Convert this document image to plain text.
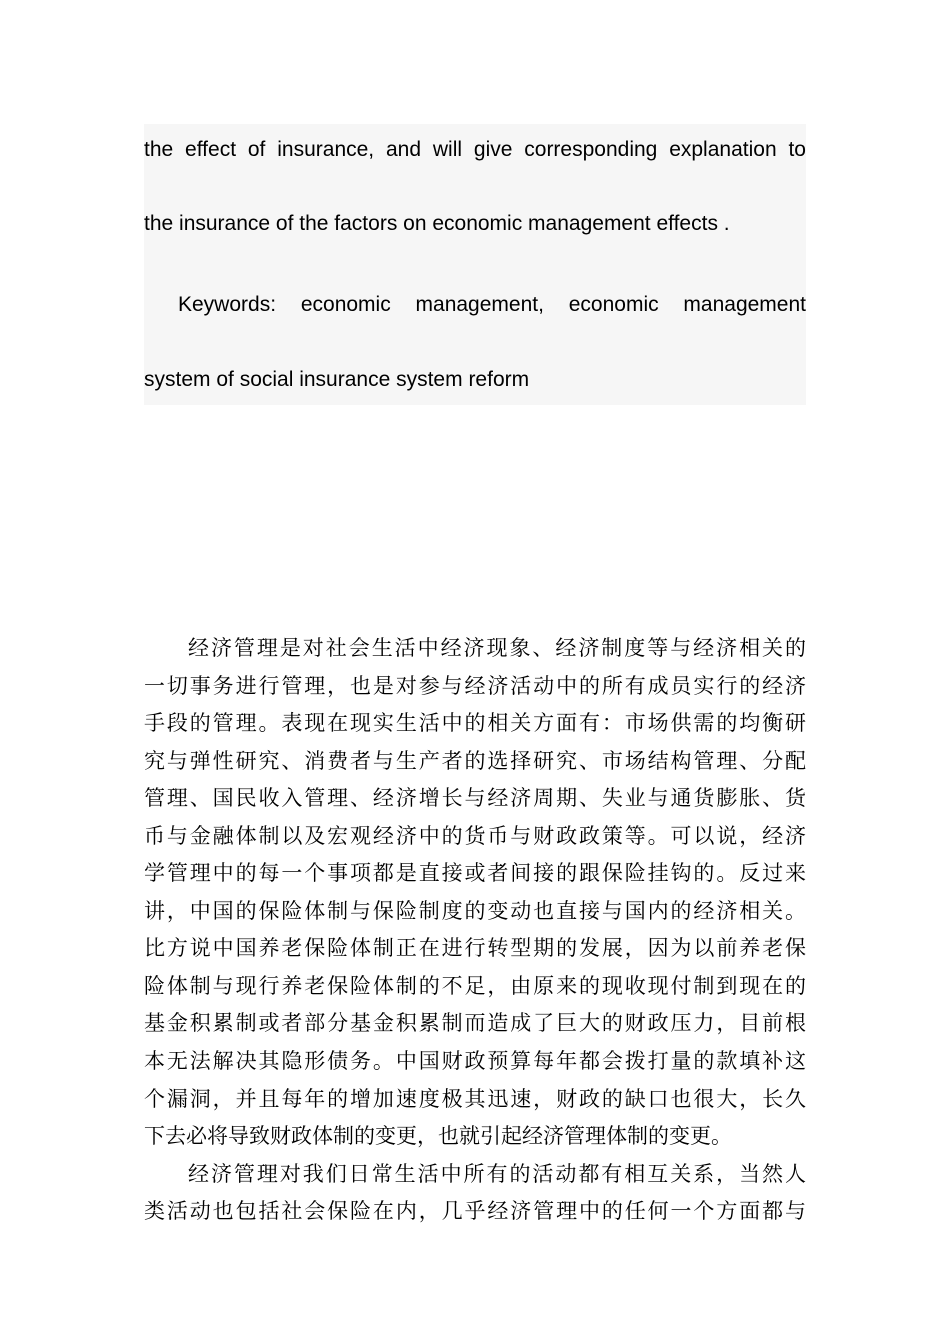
the effect of insurance, and will give corresponding explanation to
the insurance of the factors on economic management effects .
Keywords: economic management, economic management
system of social insurance system reform
经济管理是对社会生活中经济现象、经济制度等与经济相关的
一切事务进行管理，也是对参与经济活动中的所有成员实行的经济
手段的管理。表现在现实生活中的相关方面有：市场供需的均衡研
究与弹性研究、消费者与生产者的选择研究、市场结构管理、分配
管理、国民收入管理、经济增长与经济周期、失业与通货膨胀、货
币与金融体制以及宏观经济中的货币与财政政策等。可以说，经济
学管理中的每一个事项都是直接或者间接的跟保险挂钩的。反过来
讲，中国的保险体制与保险制度的变动也直接与国内的经济相关。
比方说中国养老保险体制正在进行转型期的发展，因为以前养老保
险体制与现行养老保险体制的不足，由原来的现收现付制到现在的
基金积累制或者部分基金积累制而造成了巨大的财政压力，目前根
本无法解决其隐形债务。中国财政预算每年都会拨打量的款填补这
个漏洞，并且每年的增加速度极其迅速，财政的缺口也很大，长久
下去必将导致财政体制的变更，也就引起经济管理体制的变更。
经济管理对我们日常生活中所有的活动都有相互关系，当然人
类活动也包括社会保险在内，几乎经济管理中的任何一个方面都与
